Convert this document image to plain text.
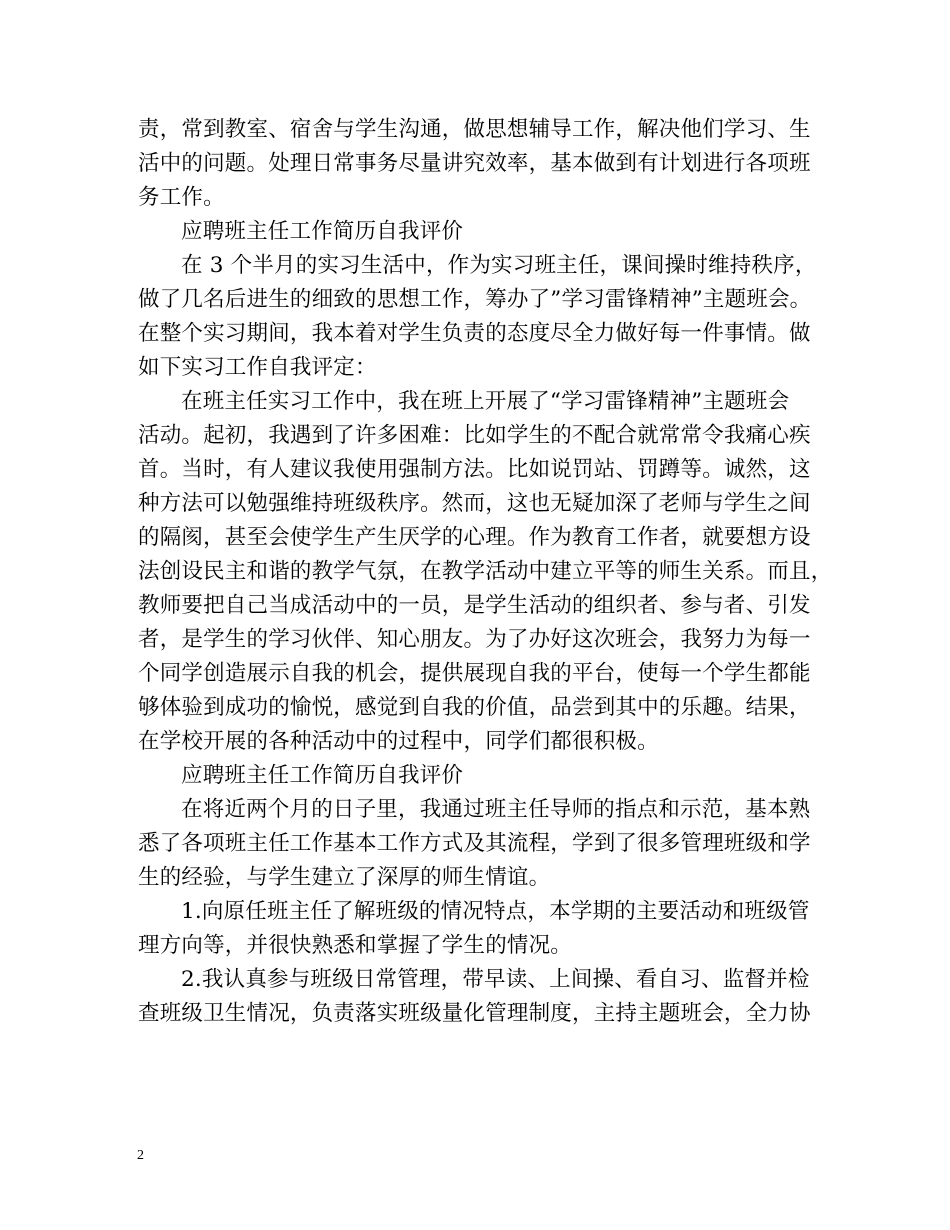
责，常到教室、宿舍与学生沟通，做思想辅导工作，解决他们学习、生
活中的问题。处理日常事务尽量讲究效率，基本做到有计划进行各项班
务工作。
应聘班主任工作简历自我评价
在 3 个半月的实习生活中，作为实习班主任，课间操时维持秩序，
做了几名后进生的细致的思想工作，筹办了”学习雷锋精神”主题班会。
在整个实习期间，我本着对学生负责的态度尽全力做好每一件事情。做
如下实习工作自我评定：
在班主任实习工作中，我在班上开展了“学习雷锋精神”主题班会
活动。起初，我遇到了许多困难：比如学生的不配合就常常令我痛心疾
首。当时，有人建议我使用强制方法。比如说罚站、罚蹲等。诚然，这
种方法可以勉强维持班级秩序。然而，这也无疑加深了老师与学生之间
的隔阂，甚至会使学生产生厌学的心理。作为教育工作者，就要想方设
法创设民主和谐的教学气氛，在教学活动中建立平等的师生关系。而且，
教师要把自己当成活动中的一员，是学生活动的组织者、参与者、引发
者，是学生的学习伙伴、知心朋友。为了办好这次班会，我努力为每一
个同学创造展示自我的机会，提供展现自我的平台，使每一个学生都能
够体验到成功的愉悦，感觉到自我的价值，品尝到其中的乐趣。结果，
在学校开展的各种活动中的过程中，同学们都很积极。
应聘班主任工作简历自我评价
在将近两个月的日子里，我通过班主任导师的指点和示范，基本熟
悉了各项班主任工作基本工作方式及其流程，学到了很多管理班级和学
生的经验，与学生建立了深厚的师生情谊。
1.向原任班主任了解班级的情况特点，本学期的主要活动和班级管
理方向等，并很快熟悉和掌握了学生的情况。
2.我认真参与班级日常管理，带早读、上间操、看自习、监督并检
查班级卫生情况，负责落实班级量化管理制度，主持主题班会，全力协
2
